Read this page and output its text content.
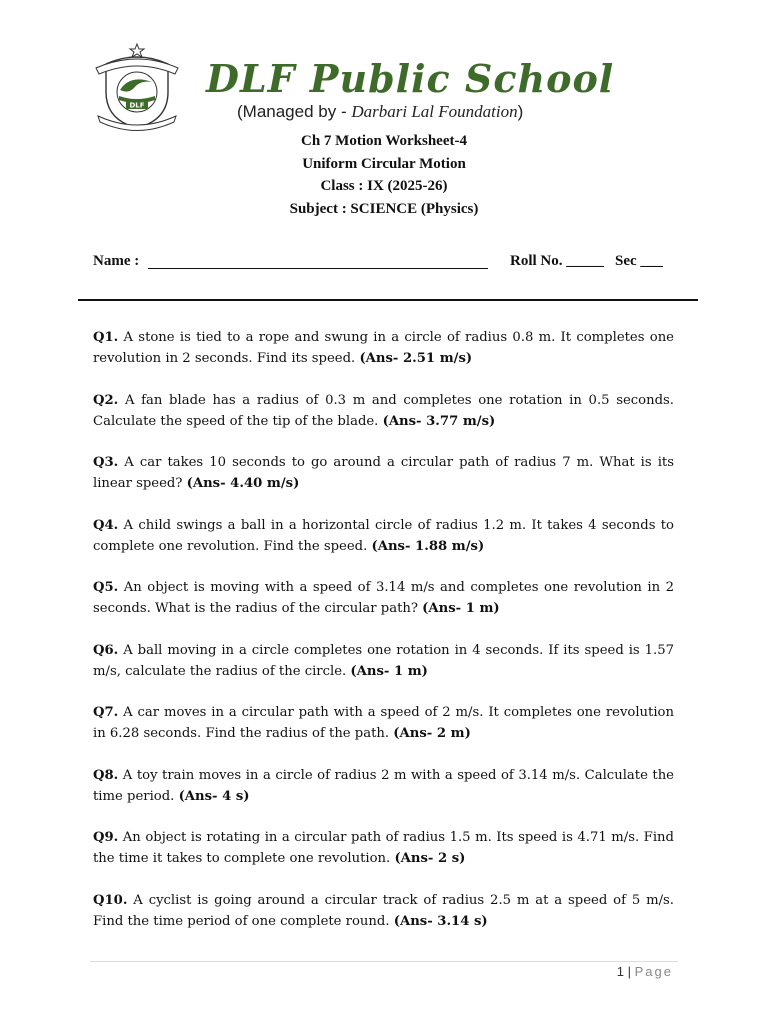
DLF
DLF Public School
(Managed by - Darbari Lal Foundation)
Ch 7 Motion Worksheet-4
Uniform Circular Motion
Class : IX (2025-26)
Subject : SCIENCE (Physics)
Name :	Roll No. _____ Sec ___

Q1. A stone is tied to a rope and swung in a circle of radius 0.8 m. It completes one revolution in 2 seconds. Find its speed. (Ans- 2.51 m/s)

Q2. A fan blade has a radius of 0.3 m and completes one rotation in 0.5 seconds. Calculate the speed of the tip of the blade. (Ans- 3.77 m/s)

Q3. A car takes 10 seconds to go around a circular path of radius 7 m. What is its linear speed? (Ans- 4.40 m/s)

Q4. A child swings a ball in a horizontal circle of radius 1.2 m. It takes 4 seconds to complete one revolution. Find the speed. (Ans- 1.88 m/s)

Q5. An object is moving with a speed of 3.14 m/s and completes one revolution in 2 seconds. What is the radius of the circular path? (Ans- 1 m)

Q6. A ball moving in a circle completes one rotation in 4 seconds. If its speed is 1.57 m/s, calculate the radius of the circle. (Ans- 1 m)

Q7. A car moves in a circular path with a speed of 2 m/s. It completes one revolution in 6.28 seconds. Find the radius of the path. (Ans- 2 m)

Q8. A toy train moves in a circle of radius 2 m with a speed of 3.14 m/s. Calculate the time period. (Ans- 4 s)

Q9. An object is rotating in a circular path of radius 1.5 m. Its speed is 4.71 m/s. Find the time it takes to complete one revolution. (Ans- 2 s)

Q10. A cyclist is going around a circular track of radius 2.5 m at a speed of 5 m/s. Find the time period of one complete round. (Ans- 3.14 s)

1 | Page
